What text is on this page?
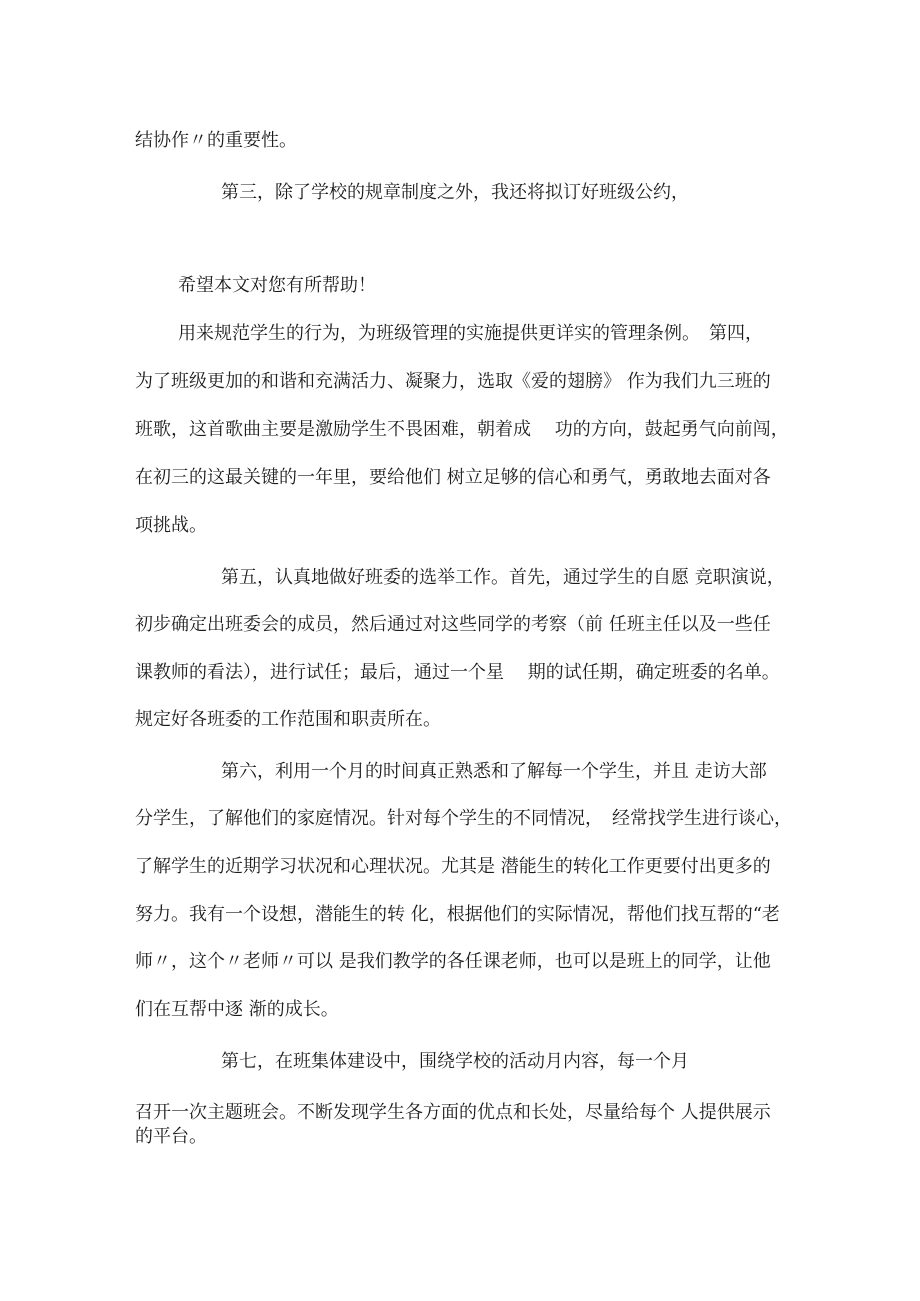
结协作〃的重要性。

第三，除了学校的规章制度之外，我还将拟订好班级公约，

希望本文对您有所帮助！

用来规范学生的行为，为班级管理的实施提供更详实的管理条例。　第四，

为了班级更加的和谐和充满活力、凝聚力，选取《爱的翅膀》 作为我们九三班的

班歌，这首歌曲主要是激励学生不畏困难，朝着成　 功的方向，鼓起勇气向前闯，

在初三的这最关键的一年里，要给他们 树立足够的信心和勇气，勇敢地去面对各

项挑战。

第五，认真地做好班委的选举工作。首先，通过学生的自愿 竞职演说，

初步确定出班委会的成员，然后通过对这些同学的考察（前 任班主任以及一些任

课教师的看法），进行试任；最后，通过一个星　 期的试任期，确定班委的名单。

规定好各班委的工作范围和职责所在。

第六，利用一个月的时间真正熟悉和了解每一个学生，并且 走访大部

分学生，了解他们的家庭情况。针对每个学生的不同情况，　经常找学生进行谈心，

了解学生的近期学习状况和心理状况。尤其是 潜能生的转化工作更要付出更多的

努力。我有一个设想，潜能生的转 化，根据他们的实际情况，帮他们找互帮的“老

师〃，这个〃老师〃可以 是我们教学的各任课老师，也可以是班上的同学，让他

们在互帮中逐 渐的成长。

第七，在班集体建设中，围绕学校的活动月内容，每一个月

召开一次主题班会。不断发现学生各方面的优点和长处，尽量给每个 人提供展示

的平台。
